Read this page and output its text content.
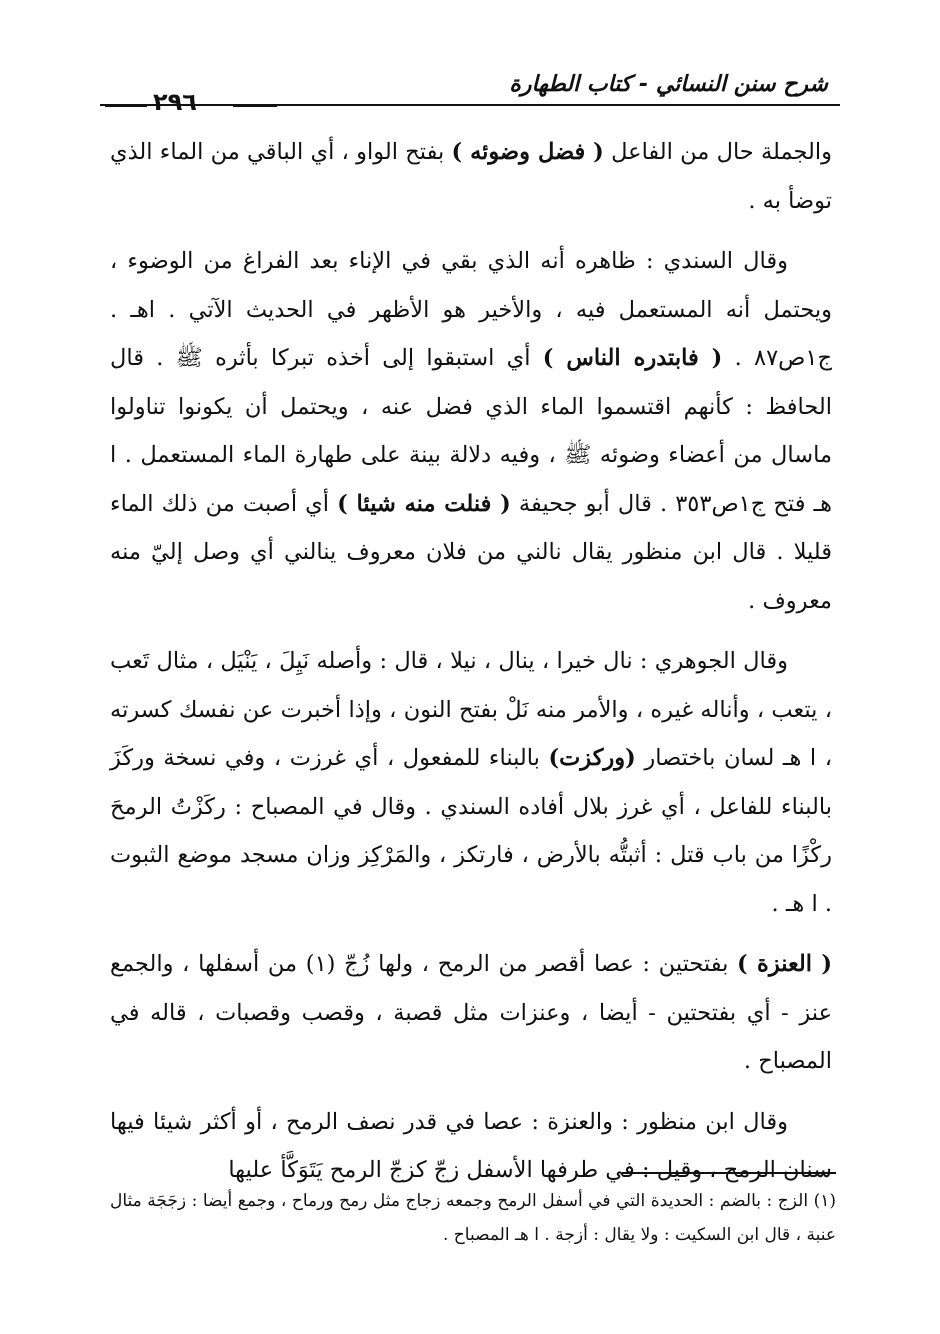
شرح سنن النسائي - كتاب الطهارة
٢٩٦

والجملة حال من الفاعل ( فضل وضوئه ) بفتح الواو ، أي الباقي من الماء الذي توضأ به .

وقال السندي : ظاهره أنه الذي بقي في الإناء بعد الفراغ من الوضوء ، ويحتمل أنه المستعمل فيه ، والأخير هو الأظهر في الحديث الآتي . اهـ . ج١ص٨٧ . ( فابتدره الناس ) أي استبقوا إلى أخذه تبركا بأثره ﷺ . قال الحافظ : كأنهم اقتسموا الماء الذي فضل عنه ، ويحتمل أن يكونوا تناولوا ماسال من أعضاء وضوئه ﷺ ، وفيه دلالة بينة على طهارة الماء المستعمل . ا هـ فتح ج١ص٣٥٣ . قال أبو جحيفة ( فنلت منه شيئا ) أي أصبت من ذلك الماء قليلا . قال ابن منظور يقال نالني من فلان معروف ينالني أي وصل إليّ منه معروف .

وقال الجوهري : نال خيرا ، ينال ، نيلا ، قال : وأصله نَيِلَ ، يَنْيَل ، مثال تَعب ، يتعب ، وأناله غيره ، والأمر منه نَلْ بفتح النون ، وإذا أخبرت عن نفسك كسرته ، ا هـ لسان باختصار (وركزت) بالبناء للمفعول ، أي غرزت ، وفي نسخة وركَزَ بالبناء للفاعل ، أي غرز بلال أفاده السندي . وقال في المصباح : ركَزْتُ الرمحَ ركْزًا من باب قتل : أثبتُّه بالأرض ، فارتكز ، والمَرْكِز وزان مسجد موضع الثبوت . ا هـ .

( العنزة ) بفتحتين : عصا أقصر من الرمح ، ولها زُجّ (١) من أسفلها ، والجمع عنز - أي بفتحتين - أيضا ، وعنزات مثل قصبة ، وقصب وقصبات ، قاله في المصباح .

وقال ابن منظور : والعنزة : عصا في قدر نصف الرمح ، أو أكثر شيئا فيها سنان الرمح ، وقيل : في طرفها الأسفل زجّ كزجّ الرمح يَتَوَكَّأ عليها

(١) الزج : بالضم : الحديدة التي في أسفل الرمح وجمعه زجاج مثل رمح ورماح ، وجمع أيضا : زجَجَة مثال عنبة ، قال ابن السكيت : ولا يقال : أزجة . ا هـ المصباح .
